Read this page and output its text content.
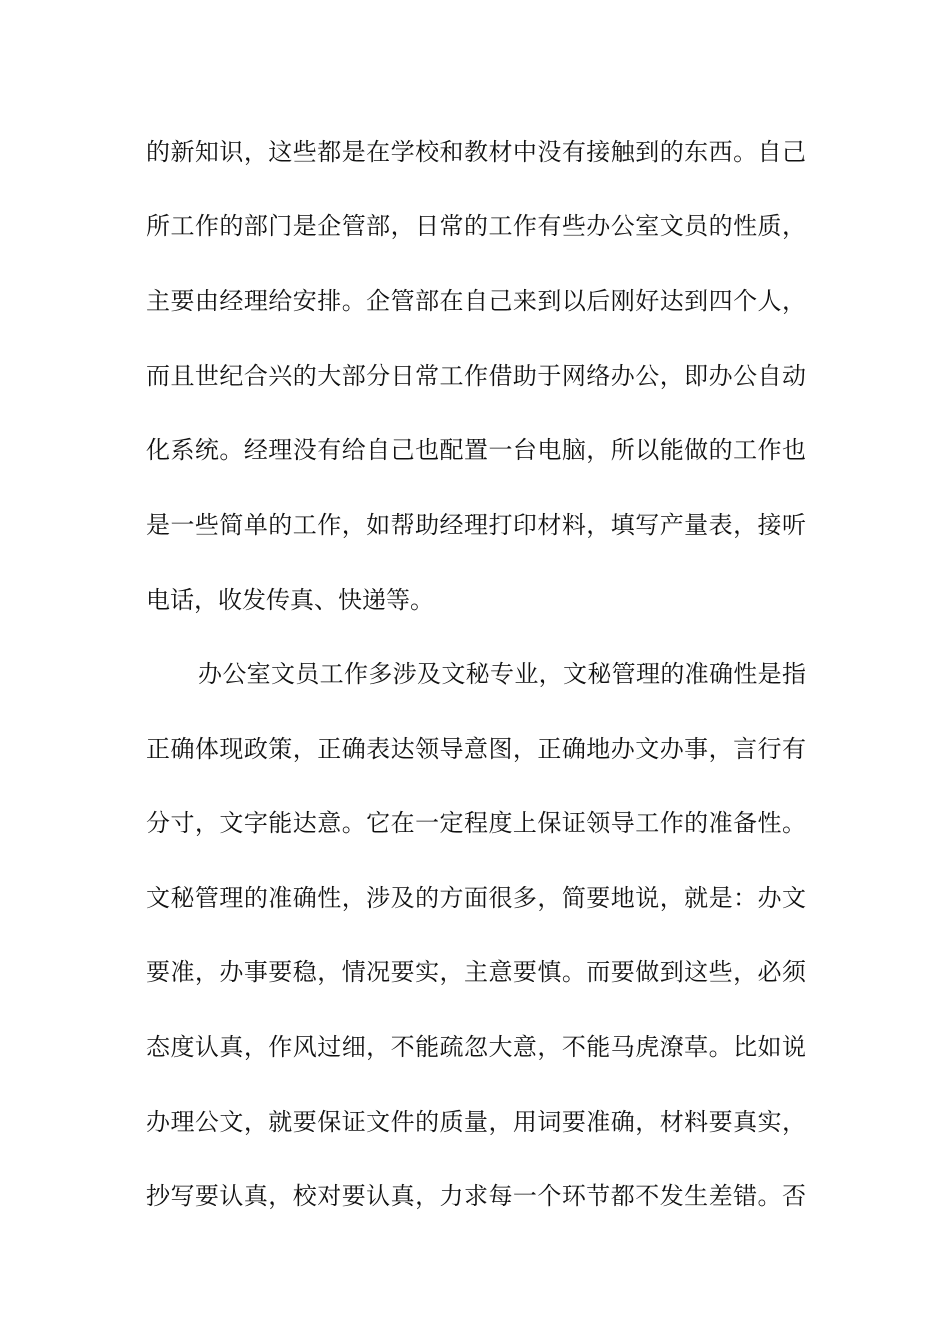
的新知识，这些都是在学校和教材中没有接触到的东西。自己
所工作的部门是企管部，日常的工作有些办公室文员的性质，
主要由经理给安排。企管部在自己来到以后刚好达到四个人，
而且世纪合兴的大部分日常工作借助于网络办公，即办公自动
化系统。经理没有给自己也配置一台电脑，所以能做的工作也
是一些简单的工作，如帮助经理打印材料，填写产量表，接听
电话，收发传真、快递等。
办公室文员工作多涉及文秘专业，文秘管理的准确性是指
正确体现政策，正确表达领导意图，正确地办文办事，言行有
分寸，文字能达意。它在一定程度上保证领导工作的准备性。
文秘管理的准确性，涉及的方面很多，简要地说，就是：办文
要准，办事要稳，情况要实，主意要慎。而要做到这些，必须
态度认真，作风过细，不能疏忽大意，不能马虎潦草。比如说
办理公文，就要保证文件的质量，用词要准确，材料要真实，
抄写要认真，校对要认真，力求每一个环节都不发生差错。否
